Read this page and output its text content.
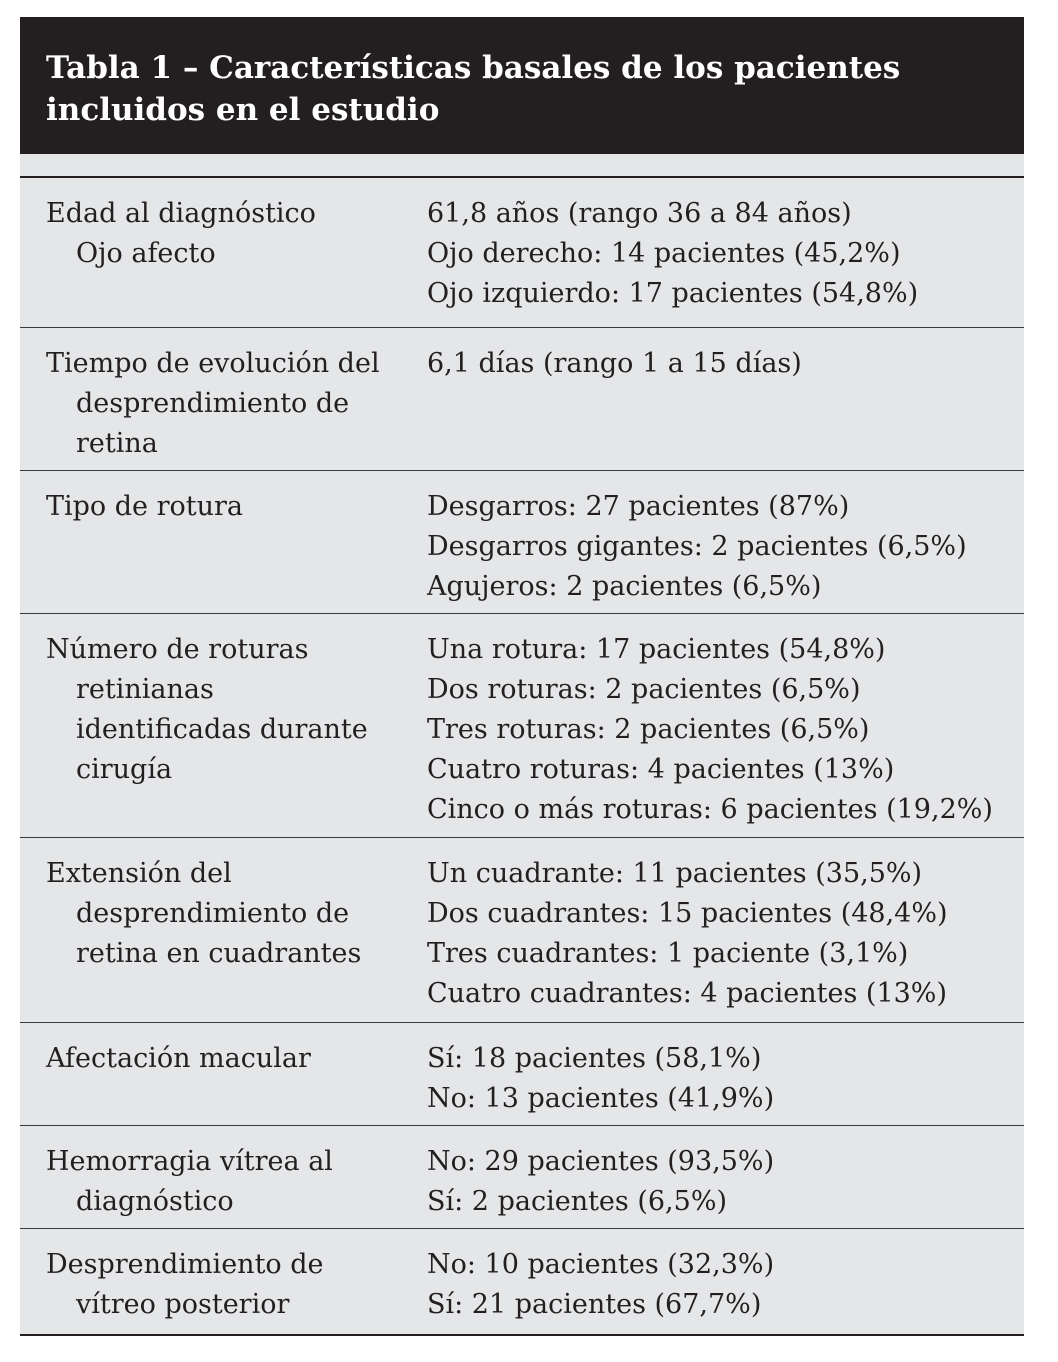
Tabla 1 – Características basales de los pacientes
incluidos en el estudio
Edad al diagnóstico
Ojo afecto
61,8 años (rango 36 a 84 años)
Ojo derecho: 14 pacientes (45,2%)
Ojo izquierdo: 17 pacientes (54,8%)
Tiempo de evolución del
desprendimiento de
retina
6,1 días (rango 1 a 15 días)
Tipo de rotura	Desgarros: 27 pacientes (87%)
Desgarros gigantes: 2 pacientes (6,5%)
Agujeros: 2 pacientes (6,5%)
Número de roturas
retinianas
identificadas durante
cirugía
Una rotura: 17 pacientes (54,8%)
Dos roturas: 2 pacientes (6,5%)
Tres roturas: 2 pacientes (6,5%)
Cuatro roturas: 4 pacientes (13%)
Cinco o más roturas: 6 pacientes (19,2%)
Extensión del
desprendimiento de
retina en cuadrantes
Un cuadrante: 11 pacientes (35,5%)
Dos cuadrantes: 15 pacientes (48,4%)
Tres cuadrantes: 1 paciente (3,1%)
Cuatro cuadrantes: 4 pacientes (13%)
Afectación macular	Sí: 18 pacientes (58,1%)
No: 13 pacientes (41,9%)
Hemorragia vítrea al
diagnóstico
No: 29 pacientes (93,5%)
Sí: 2 pacientes (6,5%)
Desprendimiento de
vítreo posterior
No: 10 pacientes (32,3%)
Sí: 21 pacientes (67,7%)
